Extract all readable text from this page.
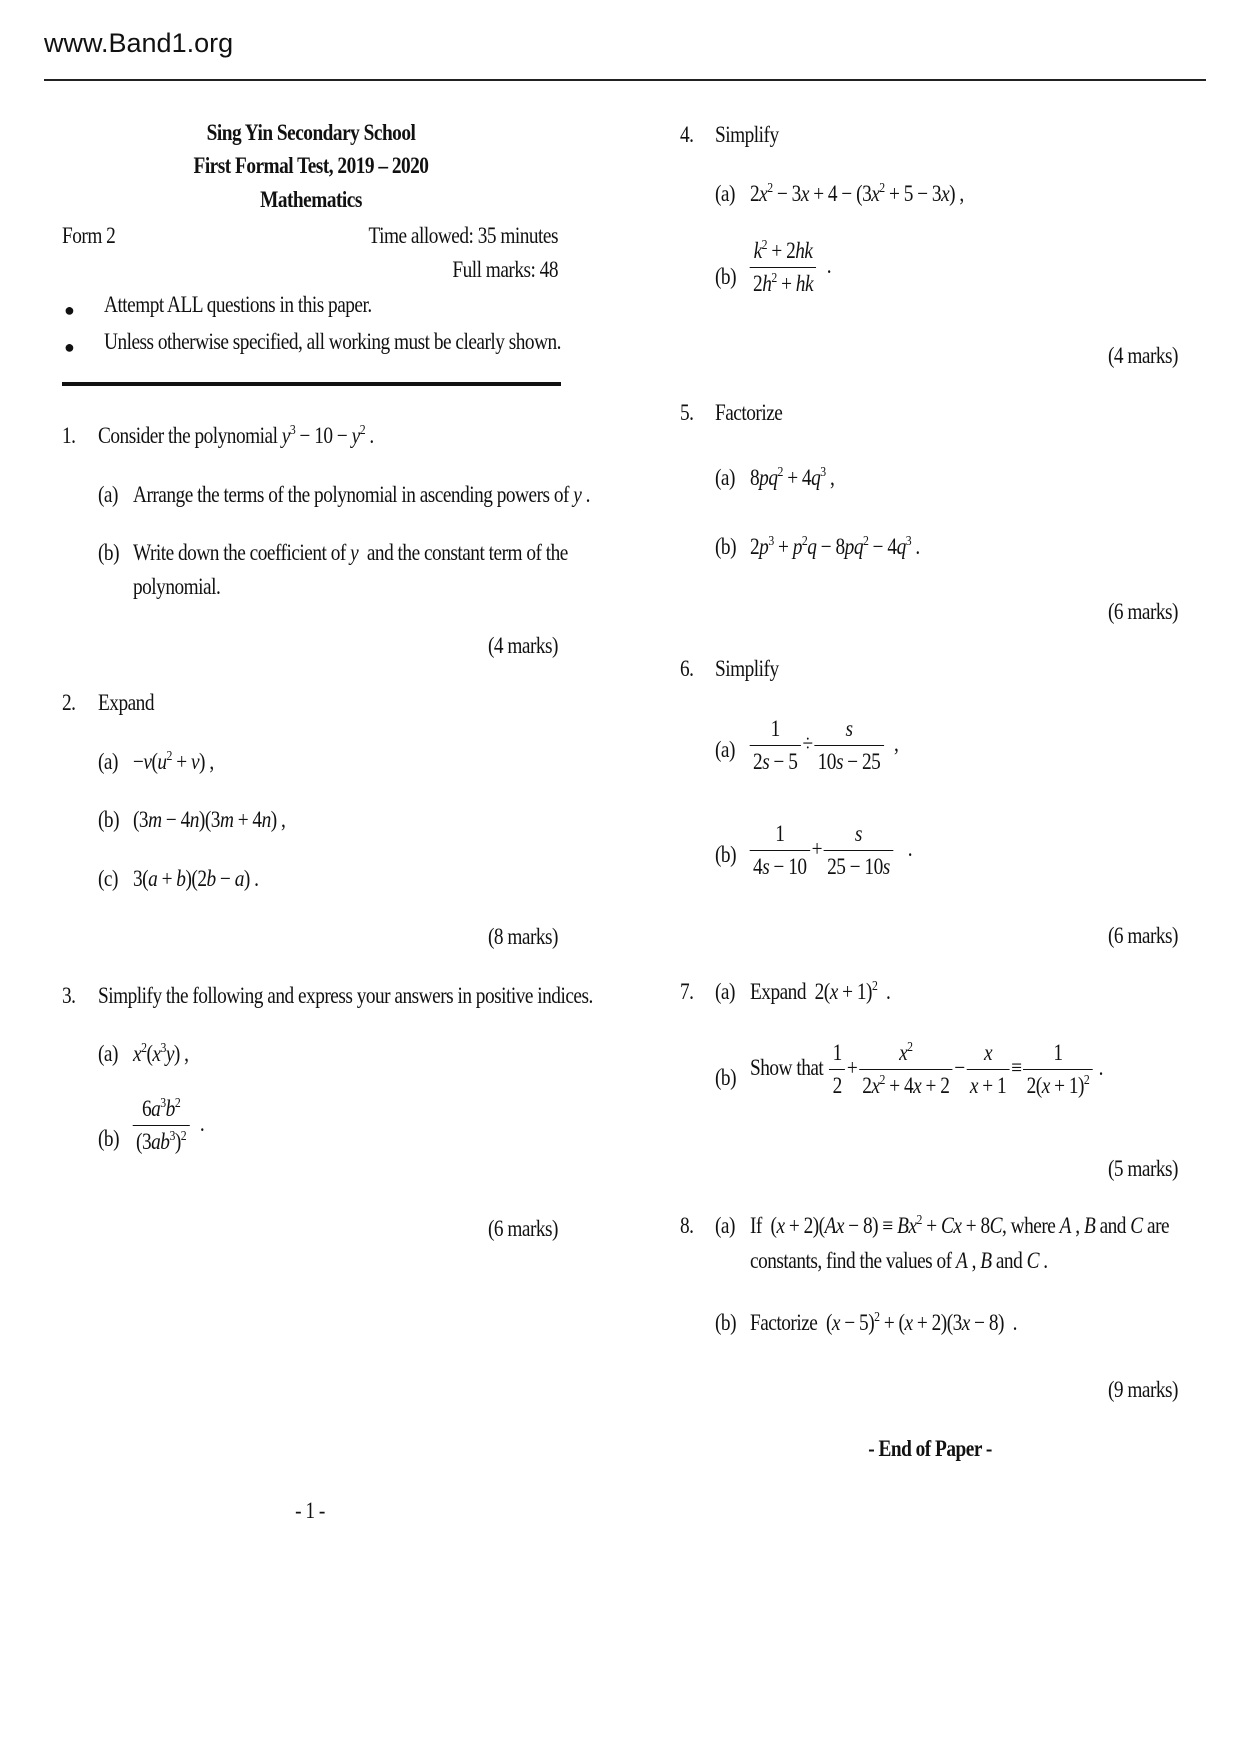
www.Band1.org
Sing Yin Secondary School
First Formal Test, 2019 – 2020
Mathematics
Form 2	Time allowed: 35 minutes
Full marks: 48
● Attempt ALL questions in this paper.
● Unless otherwise specified, all working must be clearly shown.
1. Consider the polynomial $y^3 - 10 - y^2$ .
(a) Arrange the terms of the polynomial in ascending powers of y .
(b) Write down the coefficient of y and the constant term of the
polynomial.
(4 marks)
2. Expand
$(a) -v(u^2 + v)$ ,
(b) (3m − 4n)(3m + 4n) ,
(c) 3(a + b)(2b − a) .
(8 marks)
3. Simplify the following and express your answers in positive indices.
(a) $x^2(x^3y)$ ,
$(b) \frac{6a^3b^2}{(3ab^3)^2}$ .
(6 marks)
- 1 -
4. Simplify
(a) $2x^2 - 3x + 4 - (3x^2 + 5 - 3x)$ ,
$(b) \frac{k^2 + 2hk}{2h^2 + hk}$ .
(4 marks)
5. Factorize
(a) $8pq^2 + 4q^3$ ,
(b) $2p^3 + p^2q - 8pq^2 - 4q^3$ .
(6 marks)
6. Simplify
$(a) \frac{1}{2s - 5} \div \frac{s}{10s - 25}$ ,
$(b) \frac{1}{4s - 10} + \frac{s}{25 - 10s}$ .
(6 marks)
7. (a) Expand  $2(x + 1)^2$  .
(b) Show that $\frac{1}{2} + \frac{x^2}{2x^2 + 4x + 2} - \frac{x}{x + 1} \equiv \frac{1}{2(x + 1)^2}$ .
(5 marks)
8. (a) If  $(x + 2)(Ax - 8) \equiv Bx^2 + Cx + 8C$, where A , B and C are
constants, find the values of A , B and C .
(b) Factorize  $(x - 5)^2 + (x + 2)(3x - 8)$  .
(9 marks)
- End of Paper -
